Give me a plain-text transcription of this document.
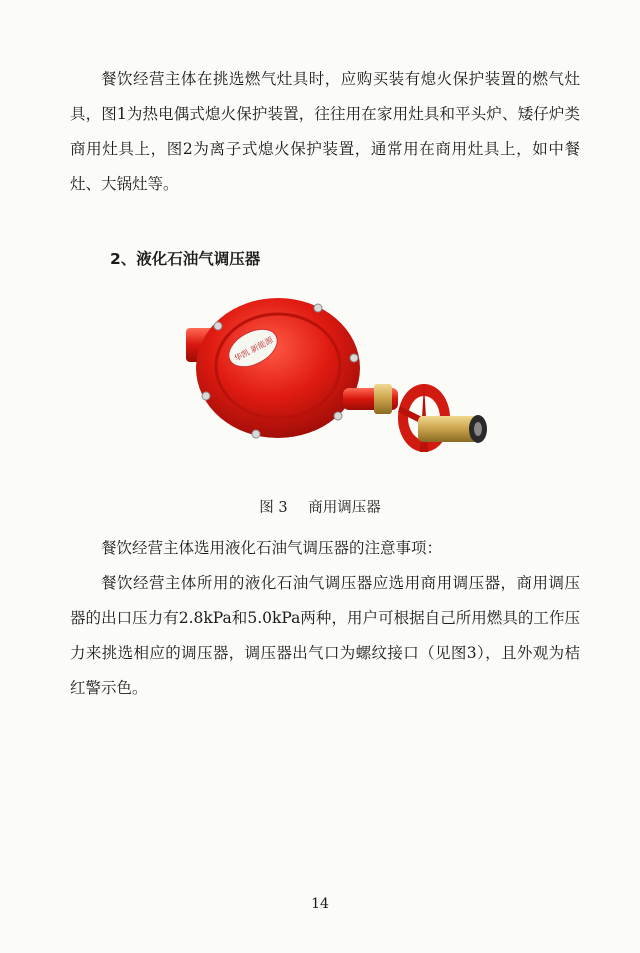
餐饮经营主体在挑选燃气灶具时，应购买装有熄火保护装置的燃气灶具，图1为热电偶式熄火保护装置，往往用在家用灶具和平头炉、矮仔炉类商用灶具上，图2为离子式熄火保护装置，通常用在商用灶具上，如中餐灶、大锅灶等。

2、液化石油气调压器
华凯 新能源
图 3 商用调压器

餐饮经营主体选用液化石油气调压器的注意事项：

餐饮经营主体所用的液化石油气调压器应选用商用调压器，商用调压器的出口压力有2.8kPa和5.0kPa两种，用户可根据自己所用燃具的工作压力来挑选相应的调压器，调压器出气口为螺纹接口（见图3），且外观为桔红警示色。

14
